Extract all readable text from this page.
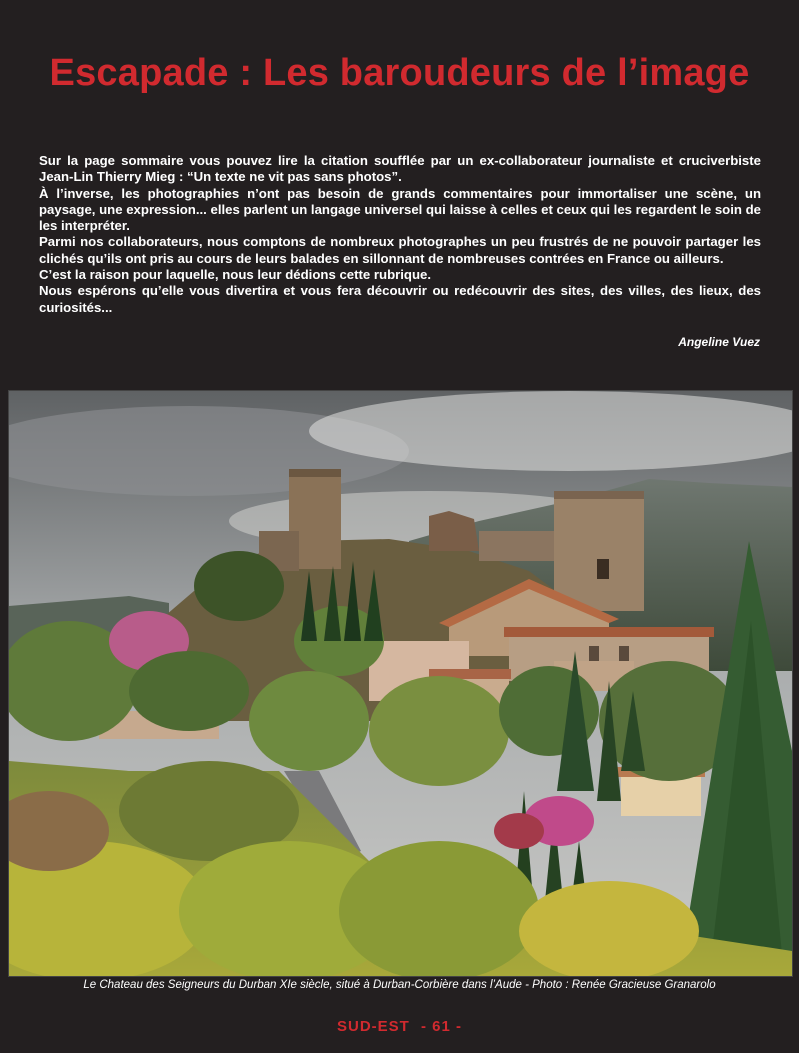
Escapade : Les baroudeurs de l’image

Sur la page sommaire vous pouvez lire la citation soufflée par un ex-collaborateur journaliste et cruciverbiste Jean-Lin Thierry Mieg : “Un texte ne vit pas sans photos”.

À l’inverse, les photographies n’ont pas besoin de grands commentaires pour immortaliser une scène, un paysage, une expression... elles parlent un langage universel qui laisse à celles et ceux qui les regardent le soin de les interpréter.

Parmi nos collaborateurs, nous comptons de nombreux photographes un peu frustrés de ne pouvoir partager les clichés qu’ils ont pris au cours de leurs balades en sillonnant de nombreuses contrées en France ou ailleurs.

C’est la raison pour laquelle, nous leur dédions cette rubrique.

Nous espérons qu’elle vous divertira et vous fera découvrir ou redécouvrir des sites, des villes, des lieux, des curiosités...

Angeline Vuez
Le Chateau des Seigneurs du Durban XIe siècle, situé à Durban-Corbière dans l’Aude - Photo : Renée Gracieuse Granarolo
SUD-EST - 61 -
